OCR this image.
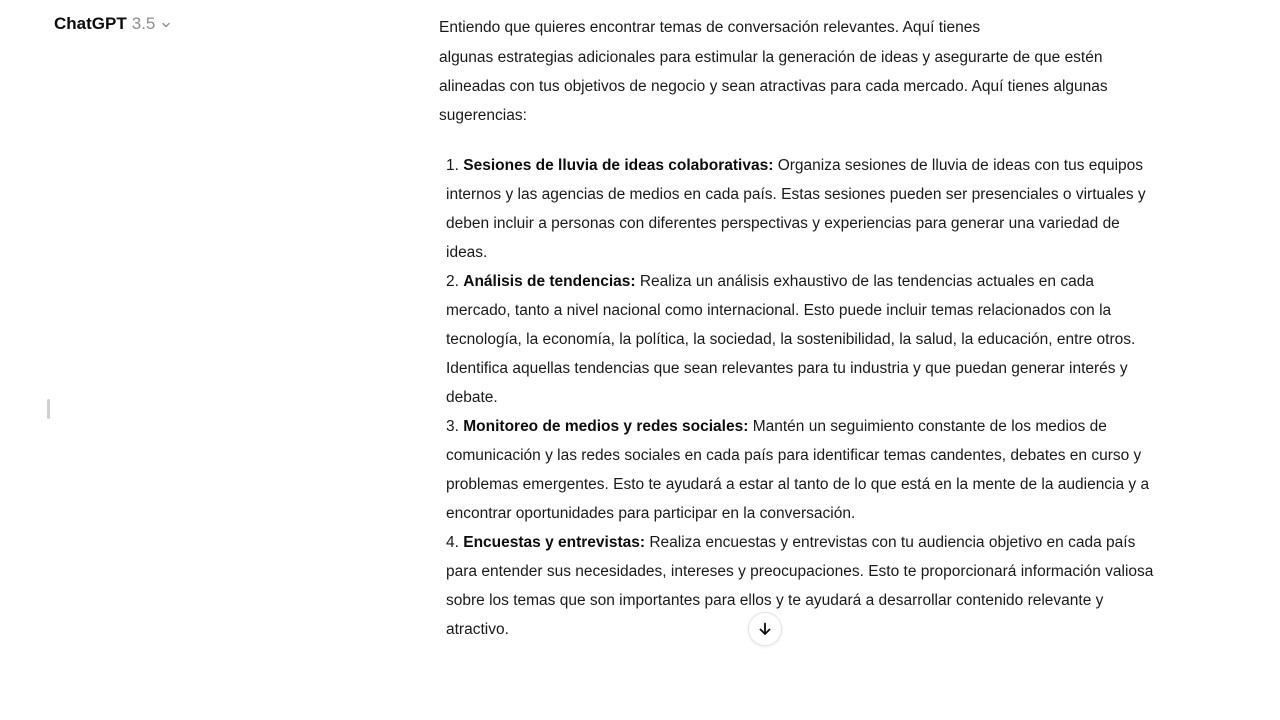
ChatGPT 3.5	Entiendo que quieres encontrar temas de conversación relevantes. Aquí tienes

algunas estrategias adicionales para estimular la generación de ideas y asegurarte de que estén alineadas con tus objetivos de negocio y sean atractivas para cada mercado. Aquí tienes algunas sugerencias:

1. Sesiones de lluvia de ideas colaborativas: Organiza sesiones de lluvia de ideas con tus equipos internos y las agencias de medios en cada país. Estas sesiones pueden ser presenciales o virtuales y deben incluir a personas con diferentes perspectivas y experiencias para generar una variedad de ideas.
2. Análisis de tendencias: Realiza un análisis exhaustivo de las tendencias actuales en cada mercado, tanto a nivel nacional como internacional. Esto puede incluir temas relacionados con la tecnología, la economía, la política, la sociedad, la sostenibilidad, la salud, la educación, entre otros. Identifica aquellas tendencias que sean relevantes para tu industria y que puedan generar interés y debate.
3. Monitoreo de medios y redes sociales: Mantén un seguimiento constante de los medios de comunicación y las redes sociales en cada país para identificar temas candentes, debates en curso y problemas emergentes. Esto te ayudará a estar al tanto de lo que está en la mente de la audiencia y a encontrar oportunidades para participar en la conversación.
4. Encuestas y entrevistas: Realiza encuestas y entrevistas con tu audiencia objetivo en cada país para entender sus necesidades, intereses y preocupaciones. Esto te proporcionará información valiosa sobre los temas que son importantes para ellos y te ayudará a desarrollar contenido relevante y atractivo.
